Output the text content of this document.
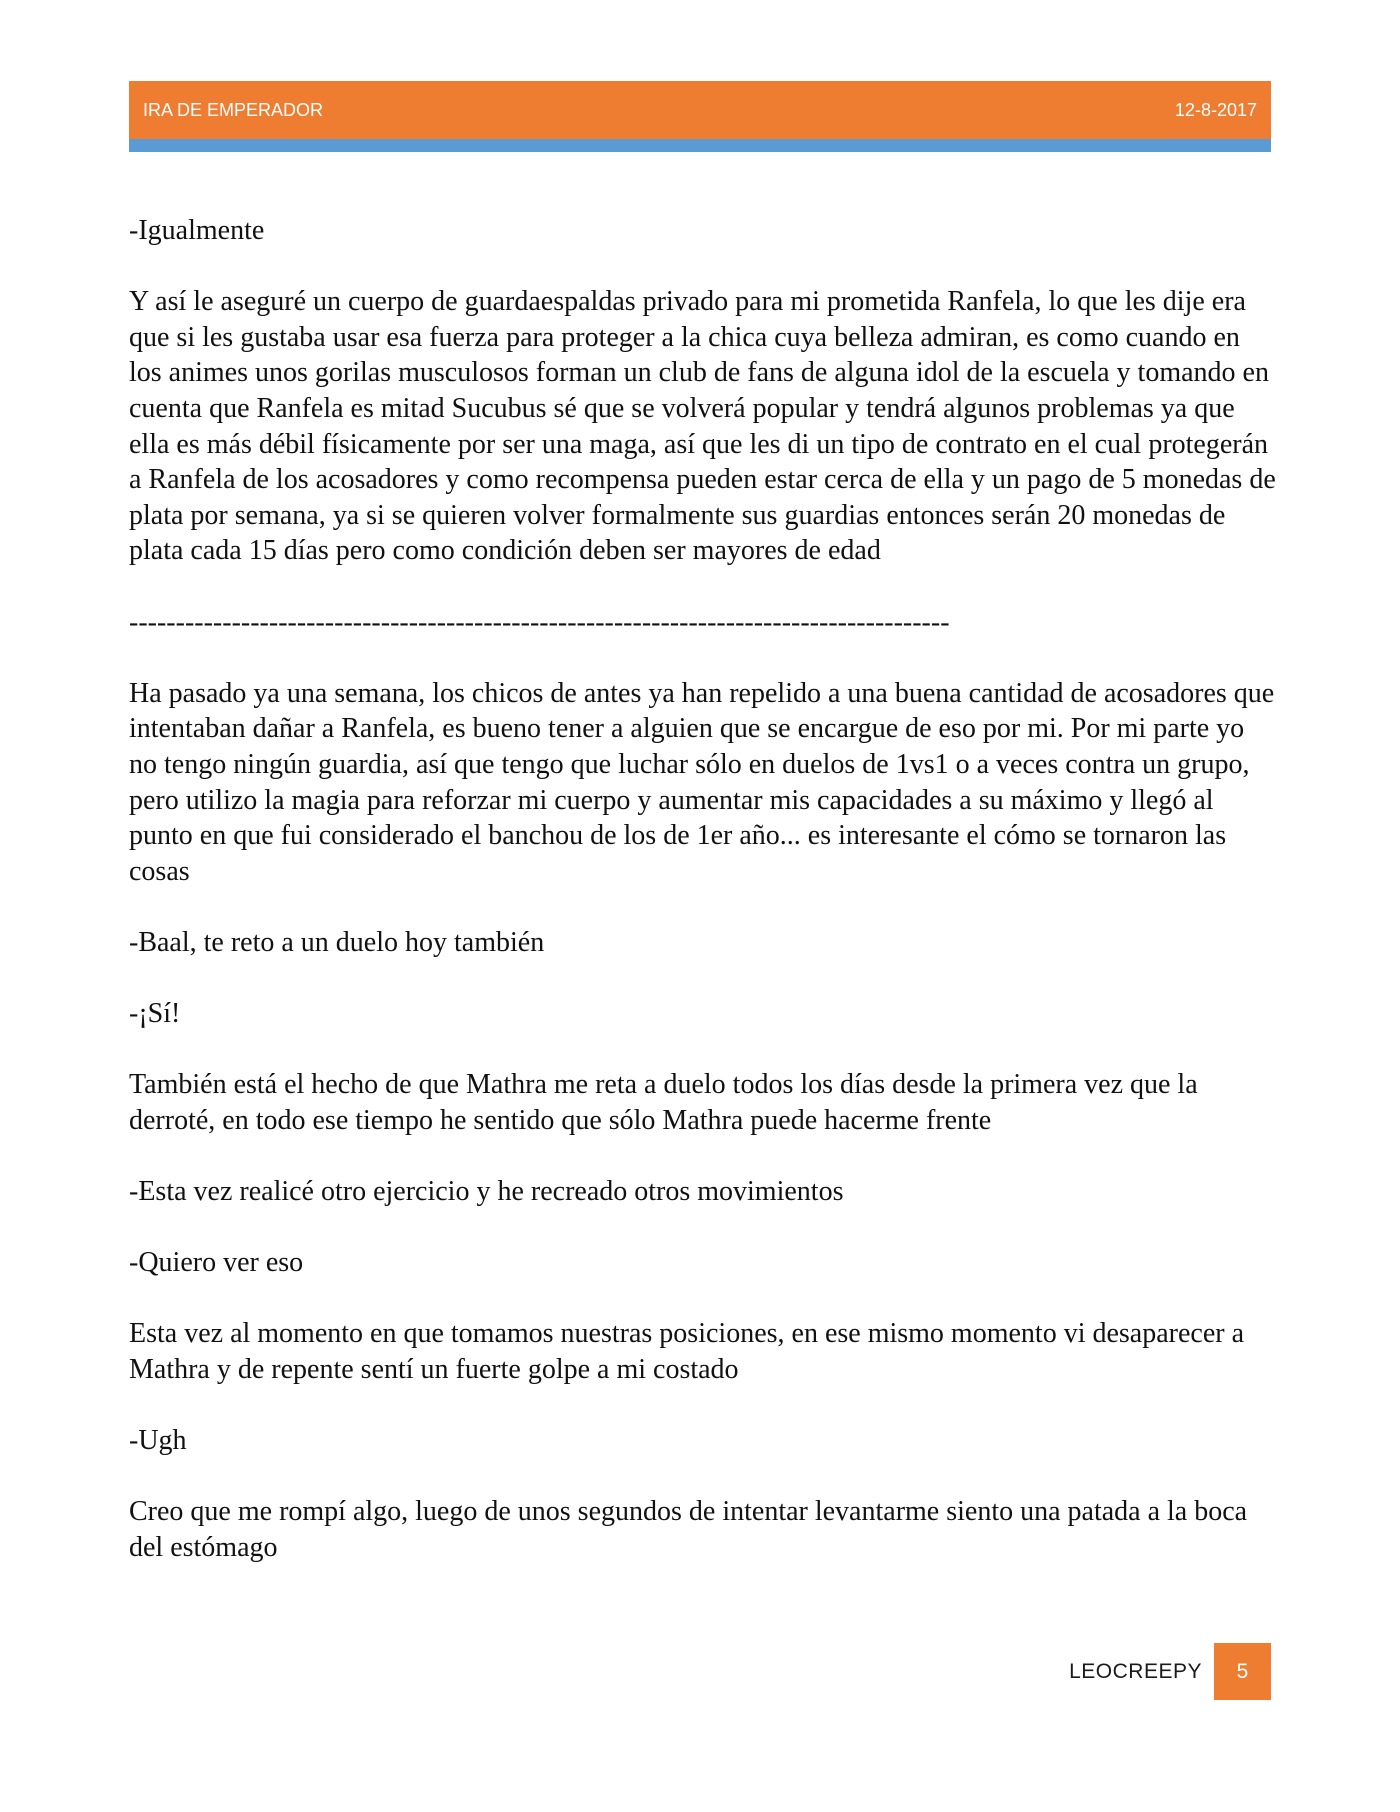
IRA DE EMPERADOR	12-8-2017

-Igualmente

Y así le aseguré un cuerpo de guardaespaldas privado para mi prometida Ranfela, lo que les dije era que si les gustaba usar esa fuerza para proteger a la chica cuya belleza admiran, es como cuando en los animes unos gorilas musculosos forman un club de fans de alguna idol de la escuela y tomando en cuenta que Ranfela es mitad Sucubus sé que se volverá popular y tendrá algunos problemas ya que ella es más débil físicamente por ser una maga, así que les di un tipo de contrato en el cual protegerán a Ranfela de los acosadores y como recompensa pueden estar cerca de ella y un pago de 5 monedas de plata por semana, ya si se quieren volver formalmente sus guardias entonces serán 20 monedas de plata cada 15 días pero como condición deben ser mayores de edad

----------------------------------------------------------------------------------------

Ha pasado ya una semana, los chicos de antes ya han repelido a una buena cantidad de acosadores que intentaban dañar a Ranfela, es bueno tener a alguien que se encargue de eso por mi. Por mi parte yo no tengo ningún guardia, así que tengo que luchar sólo en duelos de 1vs1 o a veces contra un grupo, pero utilizo la magia para reforzar mi cuerpo y aumentar mis capacidades a su máximo y llegó al punto en que fui considerado el banchou de los de 1er año... es interesante el cómo se tornaron las cosas

-Baal, te reto a un duelo hoy también

-¡Sí!

También está el hecho de que Mathra me reta a duelo todos los días desde la primera vez que la derroté, en todo ese tiempo he sentido que sólo Mathra puede hacerme frente

-Esta vez realicé otro ejercicio y he recreado otros movimientos

-Quiero ver eso

Esta vez al momento en que tomamos nuestras posiciones, en ese mismo momento vi desaparecer a Mathra y de repente sentí un fuerte golpe a mi costado

-Ugh

Creo que me rompí algo, luego de unos segundos de intentar levantarme siento una patada a la boca del estómago

LEOCREEPY	5
